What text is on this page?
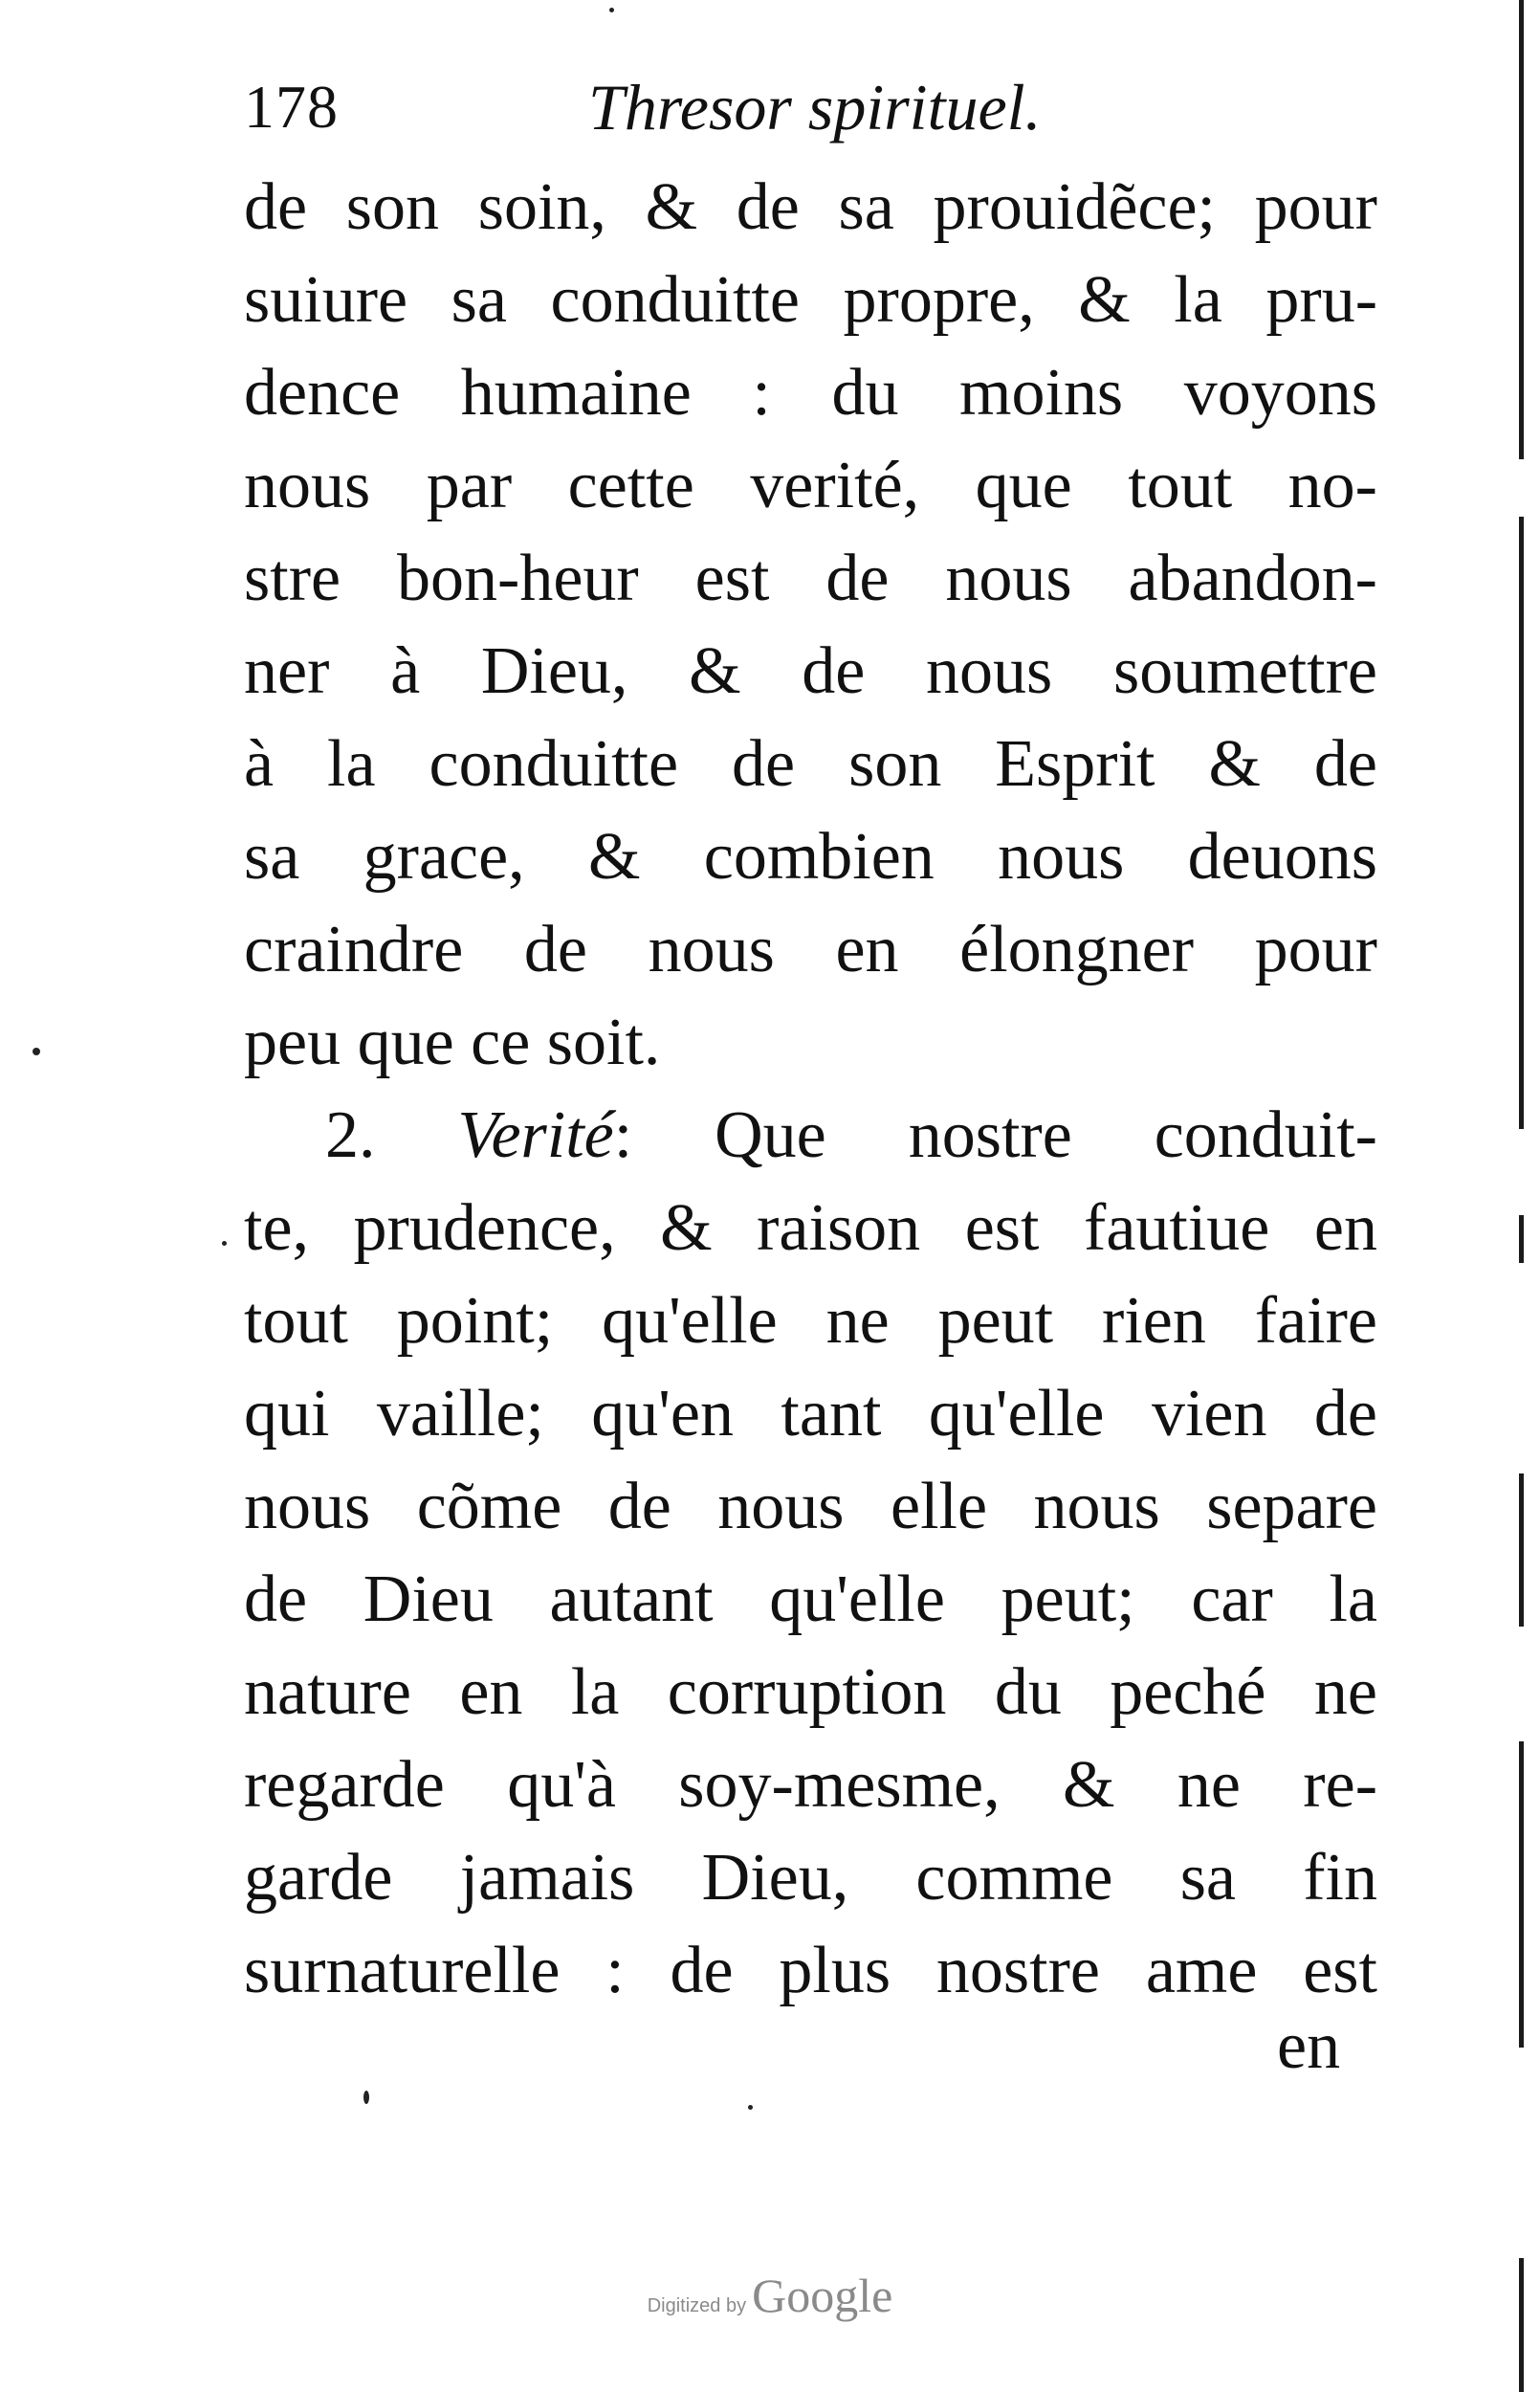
178	Thresor spirituel.
de son soin, & de sa prouidẽce; pour
suiure sa conduitte propre, & la pru-
dence humaine : du moins voyons
nous par cette verité, que tout no-
stre bon-heur est de nous abandon-
ner à Dieu, & de nous soumettre
à la conduitte de son Esprit & de
sa grace, & combien nous deuons
craindre de nous en élongner pour
peu que ce soit.
2. Verité: Que nostre conduit-
te, prudence, & raison est fautiue en
tout point; qu'elle ne peut rien faire
qui vaille; qu'en tant qu'elle vien de
nous cõme de nous elle nous separe
de Dieu autant qu'elle peut; car la
nature en la corruption du peché ne
regarde qu'à soy-mesme, & ne re-
garde jamais Dieu, comme sa fin
surnaturelle : de plus nostre ame est
en
Digitized by Google
